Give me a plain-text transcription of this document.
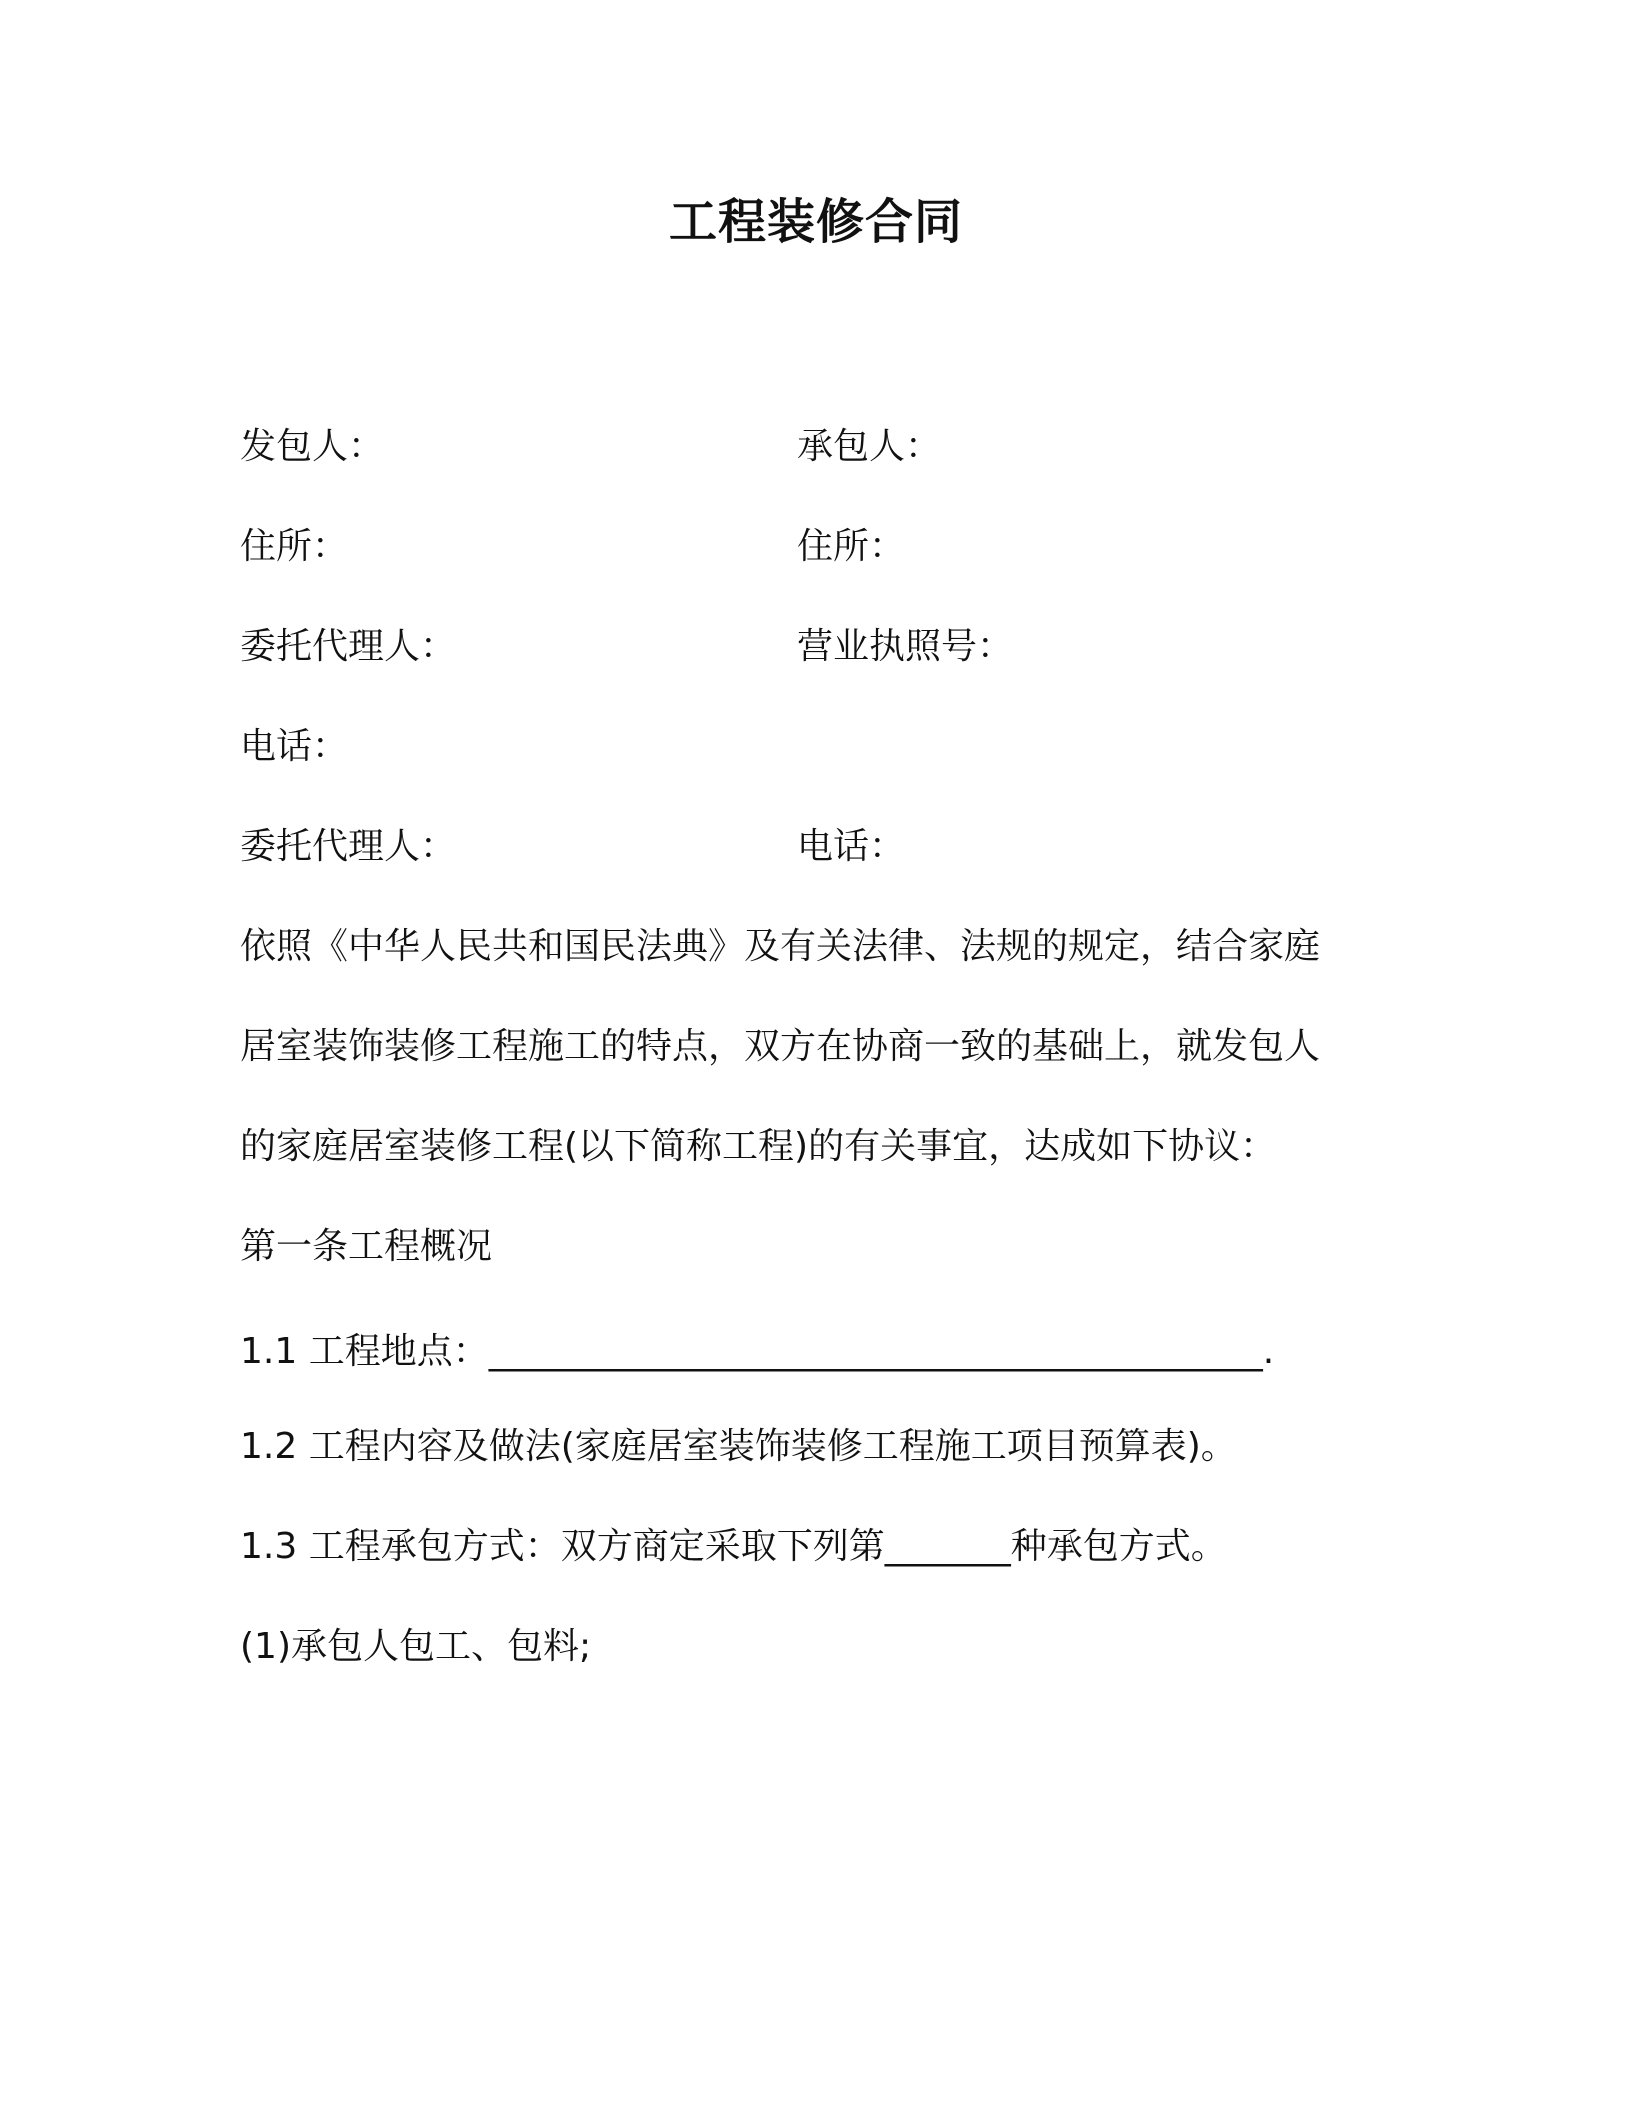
工程装修合同
发包人：	承包人：
住所：	住所：
委托代理人：	营业执照号：
电话：
委托代理人：	电话：
依照《中华人民共和国民法典》及有关法律、法规的规定，结合家庭
居室装饰装修工程施工的特点，双方在协商一致的基础上，就发包人
的家庭居室装修工程(以下简称工程)的有关事宜，达成如下协议：
第一条工程概况
1.1 工程地点：___________________________________________.
1.2 工程内容及做法(家庭居室装饰装修工程施工项目预算表)。
1.3 工程承包方式：双方商定采取下列第_______种承包方式。
(1)承包人包工、包料;
